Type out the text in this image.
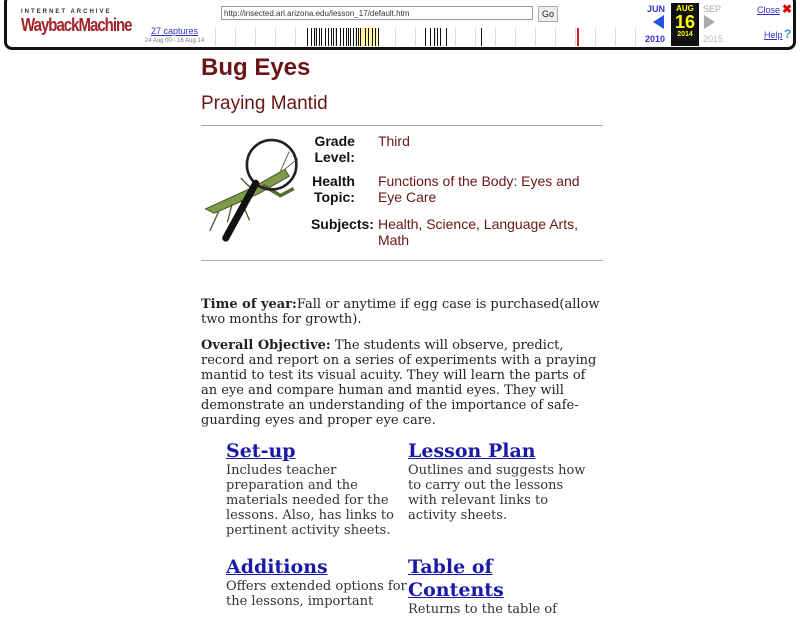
INTERNET ARCHIVE
WaybackMachine	27 captures
24 Aug 00 - 16 Aug 14
http://insected.arl.arizona.edu/lesson_17/default.htm
Go	JUN
2010
AUG
16
2014
SEP
2015
Close ✖
Help ?
Bug Eyes
Praying Mantid
Grade Level:
Third
Health Topic:
Functions of the Body: Eyes and Eye Care
Subjects: Health, Science, Language Arts, Math

Time of year:Fall or anytime if egg case is purchased(allow two months for growth).

Overall Objective: The students will observe, predict, record and report on a series of experiments with a praying mantid to test its visual acuity. They will learn the parts of an eye and compare human and mantid eyes. They will demonstrate an understanding of the importance of safe-guarding eyes and proper eye care.

Set-up
Includes teacher preparation and the materials needed for the lessons. Also, has links to pertinent activity sheets.
Lesson Plan
Outlines and suggests how to carry out the lessons with relevant links to activity sheets.
Additions
Offers extended options for the lessons, important
Table of Contents
Returns to the table of
